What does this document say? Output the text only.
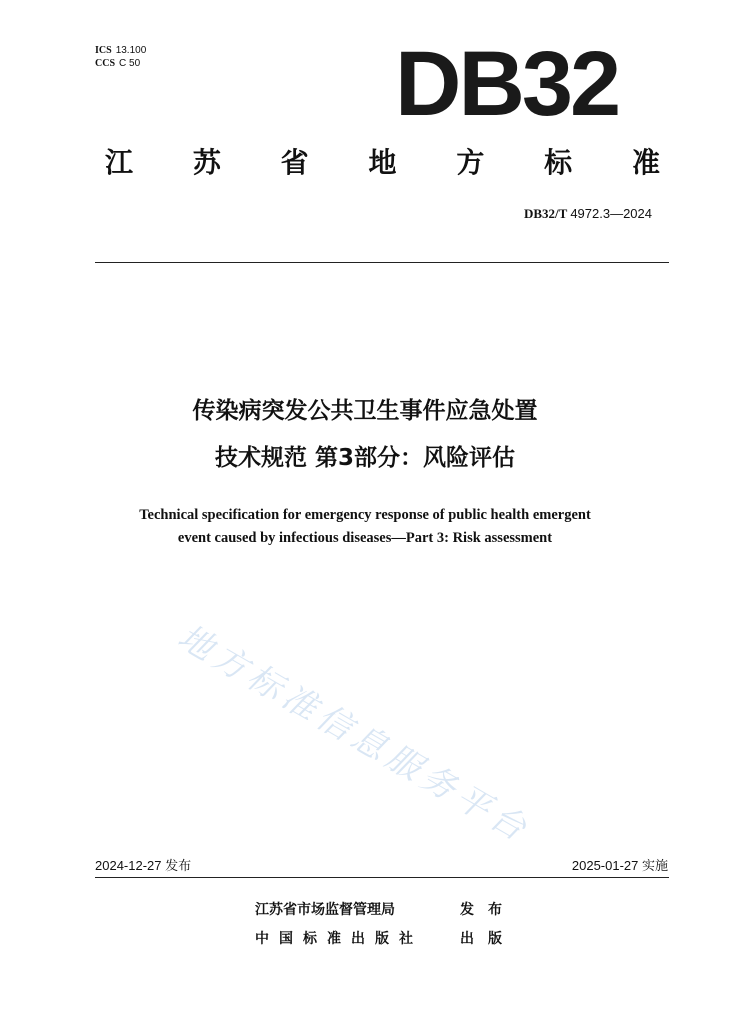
ICS 13.100
CCS C 50	DB32
江 苏 省 地 方 标 准
DB32/T 4972.3—2024
传染病突发公共卫生事件应急处置
技术规范 第3部分：风险评估
Technical specification for emergency response of public health emergent
event caused by infectious diseases—Part 3: Risk assessment
地方标准信息服务平台
2024-12-27 发布	2025-01-27 实施
江苏省市场监督管理局	发布
中国标准出版社	出版
